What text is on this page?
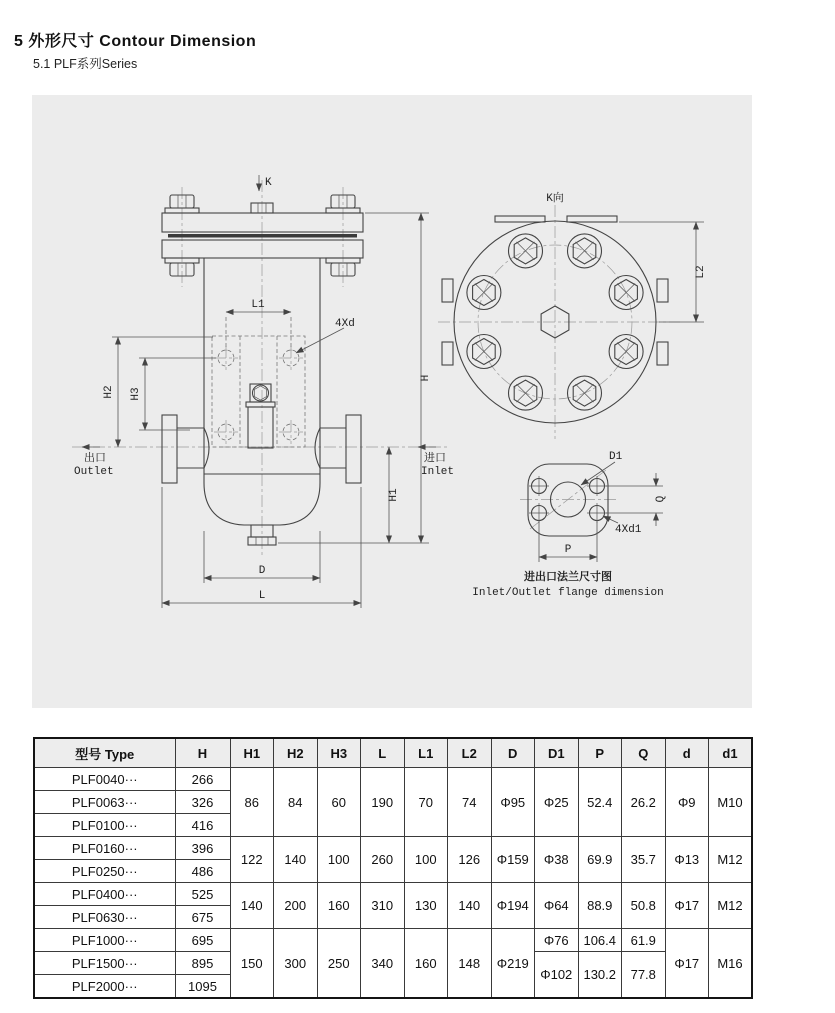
5 外形尺寸 Contour Dimension
5.1 PLF系列Series
K
L1
4Xd
H2 H3
出口
Outlet
进口
Inlet
H1
H
D
L
K向
L2
D1
Q
4Xd1
P
进出口法兰尺寸图
Inlet/Outlet flange dimension
型号 Type	H	H1	H2	H3	L	L1	L2	D	D1	P	Q	d	d1
PLF0040···	266	86	84	60	190	70	74	Φ95	Φ25	52.4	26.2	Φ9	M10
PLF0063···	326												
PLF0100···	416												
PLF0160···	396	122	140	100	260	100	126	Φ159	Φ38	69.9	35.7	Φ13	M12
PLF0250···	486												
PLF0400···	525	140	200	160	310	130	140	Φ194	Φ64	88.9	50.8	Φ17	M12
PLF0630···	675												
PLF1000···	695	150	300	250	340	160	148	Φ219	Φ76	106.4	61.9	Φ17	M16
PLF1500···	895								Φ102	130.2	77.8		
PLF2000···	1095												
